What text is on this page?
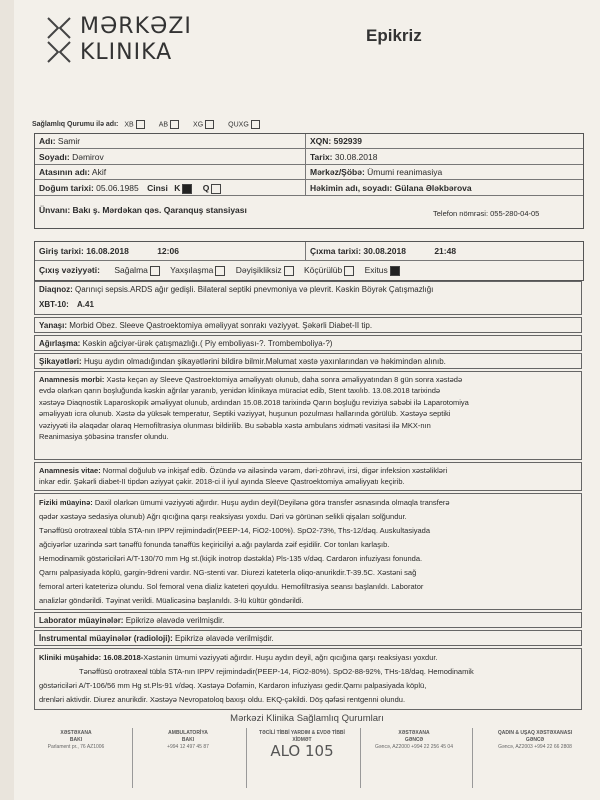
MƏRKƏZI
KLINIKA
Epikriz
Sağlamlıq Qurumu ilə adı: XB	AB	XG	QUXG
Adı: Samir	XQN: 592939
Soyadı: Dəmirov	Tarix: 30.08.2018
Atasının adı: Akif	Mərkəz/Şöbə: Ümumi reanimasiya
Doğum tarixi: 05.06.1985 Cinsi K	Q	Həkimin adı, soyadı: Gülana Ələkbərova
Ünvanı: Bakı ş. Mərdəkan qəs. Qaranquş stansiyası	Telefon nömrəsi: 055-280-04-05
Giriş tarixi: 16.08.2018	12:06	Çıxma tarixi: 30.08.2018	21:48
Çıxış vəziyyəti: Sağalma	Yaxşılaşma	Dəyişikliksiz	Köçürülüb	Exitus

Diaqnoz: Qarınıçi sepsis.ARDS ağır gedişli. Bilateral septiki pnevmoniya və plevrit. Kəskin Böyrək Çatışmazlığı

XBT-10: A.41

Yanaşı: Morbid Obez. Sleeve Qastroektomiya əməliyyat sonrakı vəziyyət. Şəkərli Diabet-II tip.

Ağırlaşma: Kəskin ağciyər-ürək çatışmazlığı.( Piy emboliyası-?. Trombemboliya-?)

Şikayətləri: Huşu aydın olmadığından şikayətlərini bildirə bilmir.Məlumat xəstə yaxınlarından və həkimindən alınıb.

Anamnesis morbi: Xəstə keçən ay Sleeve Qastroektomiya əməliyyatı olunub, daha sonra əməliyyatından 8 gün sonra xəstədə

evdə olarkən qarın boşluğunda kəskin ağrılar yaranıb, yenidən klinikaya müraciət edib, Stent taxılıb. 13.08.2018 tarixində

xəstəyə Diaqnostik Laparoskopik əməliyyat olunub, ardından 15.08.2018 tarixində Qarın boşluğu reviziya səbəbi ilə Laparotomiya

əməliyyatı icra olunub. Xəstə də yüksək temperatur, Septiki vəziyyət, huşunun pozulması hallarında görülüb. Xəstəyə septiki

vəziyyəti ilə əlaqədar olaraq Hemofiltrasiya olunması bildirilib. Bu səbəblə xəstə ambulans xidməti vasitəsi ilə MKX-nın

Reanimasiya şöbəsinə transfer olundu.

Anamnesis vitae: Normal doğulub və inkişaf edib. Özündə və ailəsində vərəm, dəri-zöhrəvi, irsi, digər infeksion xəstəlikləri

inkar edir. Şəkərli diabet-II tipdən əziyyət çəkir. 2018-ci il iyul ayında Sleeve Qastroektomiya əməliyyatı keçirib.

Fiziki müayinə: Daxil olarkən ümumi vəziyyəti ağırdır. Huşu aydın deyil(Deyilənə görə transfer əsnasında olmaqla transferə

qədər xəstəyə sedasiya olunub) Ağrı qıcığına qarşı reaksiyası yoxdu. Dəri və görünən selikli qişaları solğundur.

Tənəffüsü orotraxeal tübla STA-nın IPPV rejimindədir(PEEP-14, FiO2-100%). SpO2-73%, Ths-12/dəq. Auskultasiyada

ağciyərlər uzarində sərt tənəffü fonunda tənəffüs keçiriciliyi a.ağı paylarda zəif eşidilir. Cor tonları karlaşıb.

Hemodinamik göstəriciləri A/T-130/70 mm Hg st.(kiçik inotrop dəstəkla) Pls-135 v/dəq. Cardaron infuziyası fonunda.

Qarnı palpasiyada köplü, gərgin-9dreni vardır. NG-stenti var. Diurezi kateterla oliqo-anurikdir.T-39.5C. Xəstəni sağ

femoral arteri kateterizə olundu. Sol femoral vena dializ kateteri qoyuldu. Hemofiltrasiya seansı başlanıldı. Laborator

analizlər göndərildi. Təyinat verildi. Müalicəsinə başlanıldı. 3-lü kültür göndərildi.

Laborator müayinələr: Epikrizə əlavədə verilmişdir.

İnstrumental müayinələr (radioloji): Epikrizə əlavədə verilmişdir.

Kliniki müşahidə: 16.08.2018-Xəstənin ümumi vəziyyəti ağırdır. Huşu aydın deyil, ağrı qıcığına qarşı reaksiyası yoxdur.

Tənəffüsü orotraxeal tübla STA-nın IPPV rejimindədir(PEEP-14, FiO2-80%). SpO2-88-92%, THs-18/dəq. Hemodinamik

göstəriciləri A/T-106/56 mm Hg st.Pls-91 v/dəq. Xəstəyə Dofamin, Kardaron infuziyası gedir.Qarnı palpasiyada köplü,

drenləri aktivdir. Diurez anurikdir. Xəstəyə Nevropatoloq baxışı oldu. EKQ-çəkildi. Döş qəfəsi rentgenni olundu.

Mərkəzi Klinika Sağlamlıq Qurumları
XƏSTƏXANA
BAKI
Parlament pr., 76 AZ1006
AMBULATORİYA
BAKI
+994 12 497 45 87
TƏCİLİ TİBBİ YARDIM & EVDƏ TİBBİ XİDMƏT
ALO 105
XƏSTƏXANA
GƏNCƏ
Gəncə, AZ2000 +994 22 256 45 04
QADIN & UŞAQ XƏSTƏXANASI
GƏNCƏ
Gəncə, AZ2003 +994 22 66 2808
